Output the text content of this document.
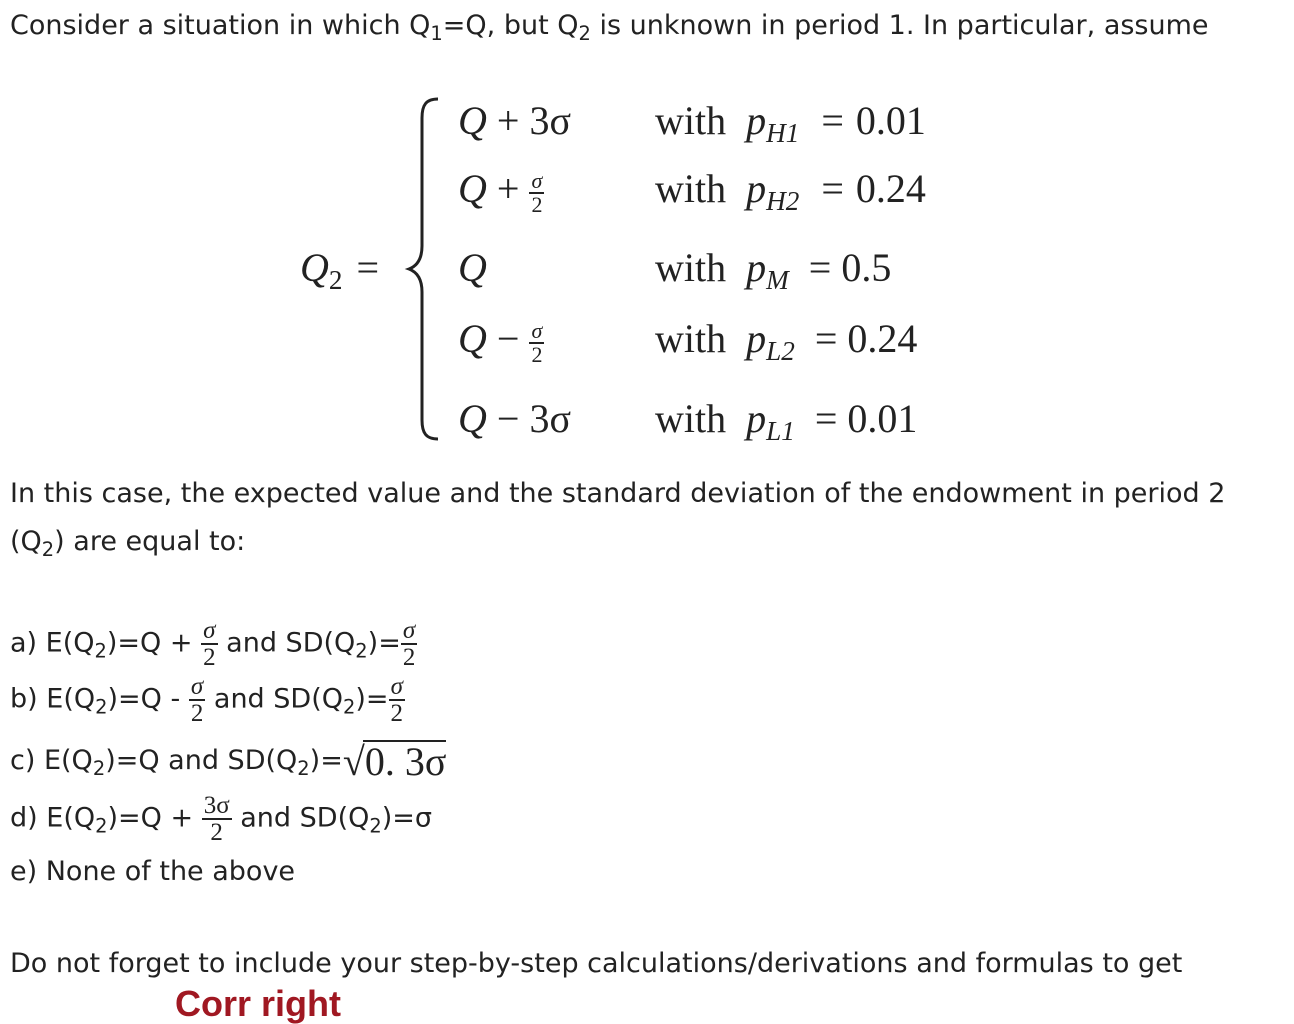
Consider a situation in which $Q_1=Q$, but $Q_2$ is unknown in period 1. In particular, assume
$Q_2$ =
Q + 3σ with $p_{H1} = 0.01$
$Q + \frac{\sigma}{2}$	with $p_{H2} = 0.24$
Q	with $p_M = 0.5$
$Q - \frac{\sigma}{2}$	with $p_{L2} = 0.24$
Q − 3σ with $p_{L1} = 0.01$
In this case, the expected value and the standard deviation of the endowment in period 2
$(Q_2)$ are equal to:
a) $E(Q_2)=Q + \frac{\sigma}{2}$ and $SD(Q_2)= \frac{\sigma}{2}$
b) $E(Q_2)=Q - \frac{\sigma}{2}$ and $SD(Q_2)= \frac{\sigma}{2}$
c) $E(Q_2)=Q$ and $SD(Q_2)=$ √ 0. 3σ
d) $E(Q_2)=Q + \frac{3\sigma}{2}$ and $SD(Q_2)=\sigma$
e) None of the above
Do not forget to include your step-by-step calculations/derivations and formulas to get
Corr right
